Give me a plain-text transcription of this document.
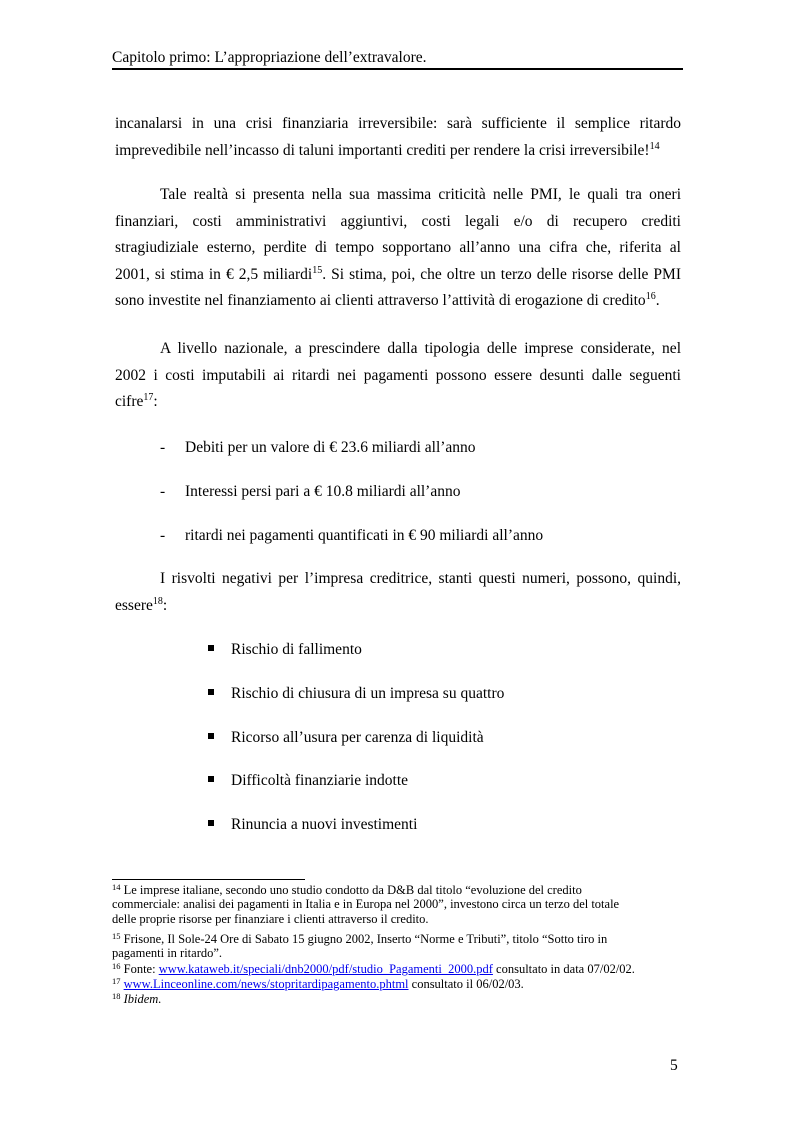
Capitolo primo: L’appropriazione dell’extravalore.
incanalarsi in una crisi finanziaria irreversibile: sarà sufficiente il semplice ritardo
imprevedibile nell’incasso di taluni importanti crediti per rendere la crisi irreversibile!$^{14}$
Tale realtà si presenta nella sua massima criticità nelle PMI, le quali tra oneri
finanziari, costi amministrativi aggiuntivi, costi legali e/o di recupero crediti
stragiudiziale esterno, perdite di tempo sopportano all’anno una cifra che, riferita al
2001, si stima in € 2,5 miliardi$^{15}$. Si stima, poi, che oltre un terzo delle risorse delle PMI
sono investite nel finanziamento ai clienti attraverso l’attività di erogazione di credito$^{16}$.
A livello nazionale, a prescindere dalla tipologia delle imprese considerate, nel
2002 i costi imputabili ai ritardi nei pagamenti possono essere desunti dalle seguenti
cifre$^{17}$:
- Debiti per un valore di € 23.6 miliardi all’anno
- Interessi persi pari a € 10.8 miliardi all’anno
- ritardi nei pagamenti quantificati in € 90 miliardi all’anno
I risvolti negativi per l’impresa creditrice, stanti questi numeri, possono, quindi,
essere$^{18}$:
Rischio di fallimento
Rischio di chiusura di un impresa su quattro
Ricorso all’usura per carenza di liquidità
Difficoltà finanziarie indotte
Rinuncia a nuovi investimenti
$^{14}$ Le imprese italiane, secondo uno studio condotto da D&B dal titolo “evoluzione del credito
commerciale: analisi dei pagamenti in Italia e in Europa nel 2000”, investono circa un terzo del totale
delle proprie risorse per finanziare i clienti attraverso il credito.
$^{15}$ Frisone, Il Sole-24 Ore di Sabato 15 giugno 2002, Inserto “Norme e Tributi”, titolo “Sotto tiro in
pagamenti in ritardo”.
$^{16}$ Fonte: www.kataweb.it/speciali/dnb2000/pdf/studio_Pagamenti_2000.pdf consultato in data 07/02/02.
$^{17}$ www.Linceonline.com/news/stopritardipagamento.phtml consultato il 06/02/03.
$^{18}$ Ibidem.
5
